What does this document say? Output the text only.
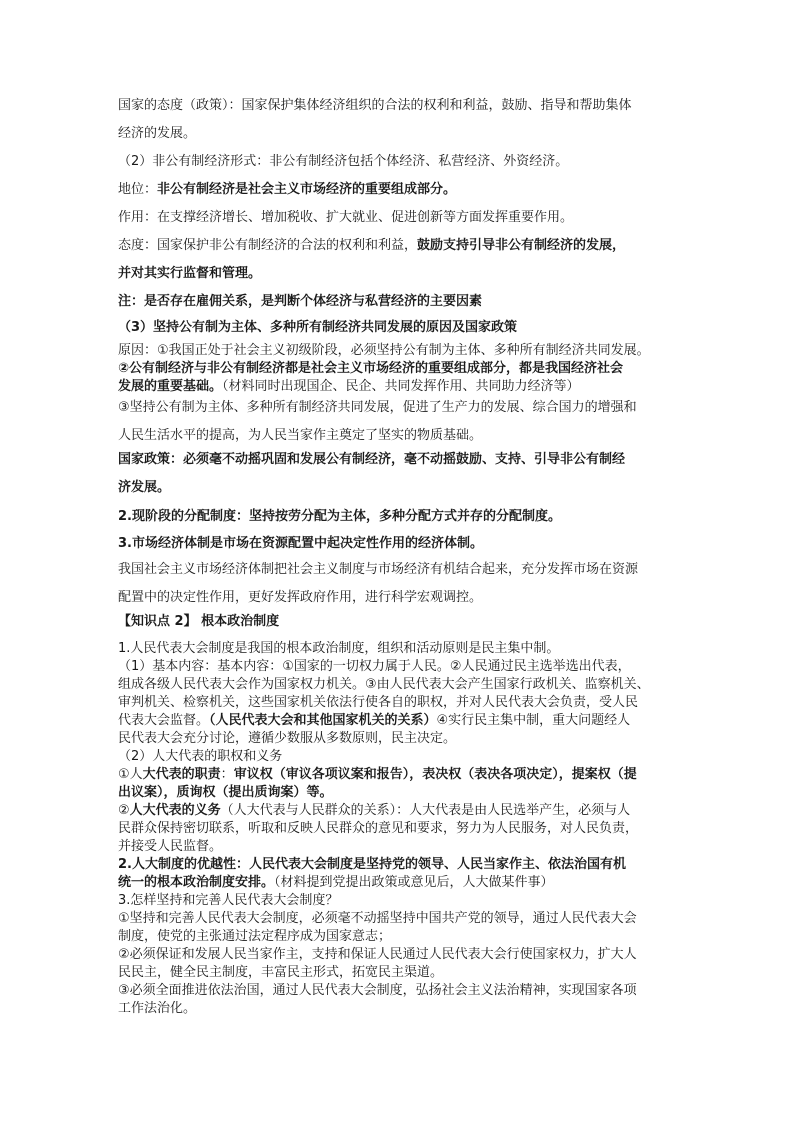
国家的态度（政策）：国家保护集体经济组织的合法的权利和利益，鼓励、指导和帮助集体
经济的发展。

（2）非公有制经济形式：非公有制经济包括个体经济、私营经济、外资经济。

地位：非公有制经济是社会主义市场经济的重要组成部分。

作用：在支撑经济增长、增加税收、扩大就业、促进创新等方面发挥重要作用。

态度：国家保护非公有制经济的合法的权利和利益，鼓励支持引导非公有制经济的发展，
并对其实行监督和管理。

注：是否存在雇佣关系，是判断个体经济与私营经济的主要因素

（3）坚持公有制为主体、多种所有制经济共同发展的原因及国家政策

原因：①我国正处于社会主义初级阶段，必须坚持公有制为主体、多种所有制经济共同发展。
②公有制经济与非公有制经济都是社会主义市场经济的重要组成部分，都是我国经济社会
发展的重要基础。（材料同时出现国企、民企、共同发挥作用、共同助力经济等）

③坚持公有制为主体、多种所有制经济共同发展，促进了生产力的发展、综合国力的增强和
人民生活水平的提高，为人民当家作主奠定了坚实的物质基础。

国家政策：必须毫不动摇巩固和发展公有制经济，毫不动摇鼓励、支持、引导非公有制经
济发展。

2.现阶段的分配制度：坚持按劳分配为主体，多种分配方式并存的分配制度。

3.市场经济体制是市场在资源配置中起决定性作用的经济体制。

我国社会主义市场经济体制把社会主义制度与市场经济有机结合起来，充分发挥市场在资源
配置中的决定性作用，更好发挥政府作用，进行科学宏观调控。

【知识点 2】 根本政治制度

1.人民代表大会制度是我国的根本政治制度，组织和活动原则是民主集中制。
（1）基本内容：基本内容：①国家的一切权力属于人民。②人民通过民主选举选出代表，
组成各级人民代表大会作为国家权力机关。③由人民代表大会产生国家行政机关、监察机关、
审判机关、检察机关，这些国家机关依法行使各自的职权，并对人民代表大会负责，受人民
代表大会监督。（人民代表大会和其他国家机关的关系）④实行民主集中制，重大问题经人
民代表大会充分讨论，遵循少数服从多数原则，民主决定。
（2）人大代表的职权和义务
①人大代表的职责：审议权（审议各项议案和报告），表决权（表决各项决定），提案权（提
出议案），质询权（提出质询案）等。
②人大代表的义务（人大代表与人民群众的关系）：人大代表是由人民选举产生，必须与人
民群众保持密切联系，听取和反映人民群众的意见和要求，努力为人民服务，对人民负责，
并接受人民监督。
2.人大制度的优越性：人民代表大会制度是坚持党的领导、人民当家作主、依法治国有机
统一的根本政治制度安排。（材料提到党提出政策或意见后，人大做某件事）
3.怎样坚持和完善人民代表大会制度？
①坚持和完善人民代表大会制度，必须毫不动摇坚持中国共产党的领导，通过人民代表大会
制度，使党的主张通过法定程序成为国家意志；
②必须保证和发展人民当家作主，支持和保证人民通过人民代表大会行使国家权力，扩大人
民民主，健全民主制度，丰富民主形式，拓宽民主渠道。
③必须全面推进依法治国，通过人民代表大会制度，弘扬社会主义法治精神，实现国家各项
工作法治化。
